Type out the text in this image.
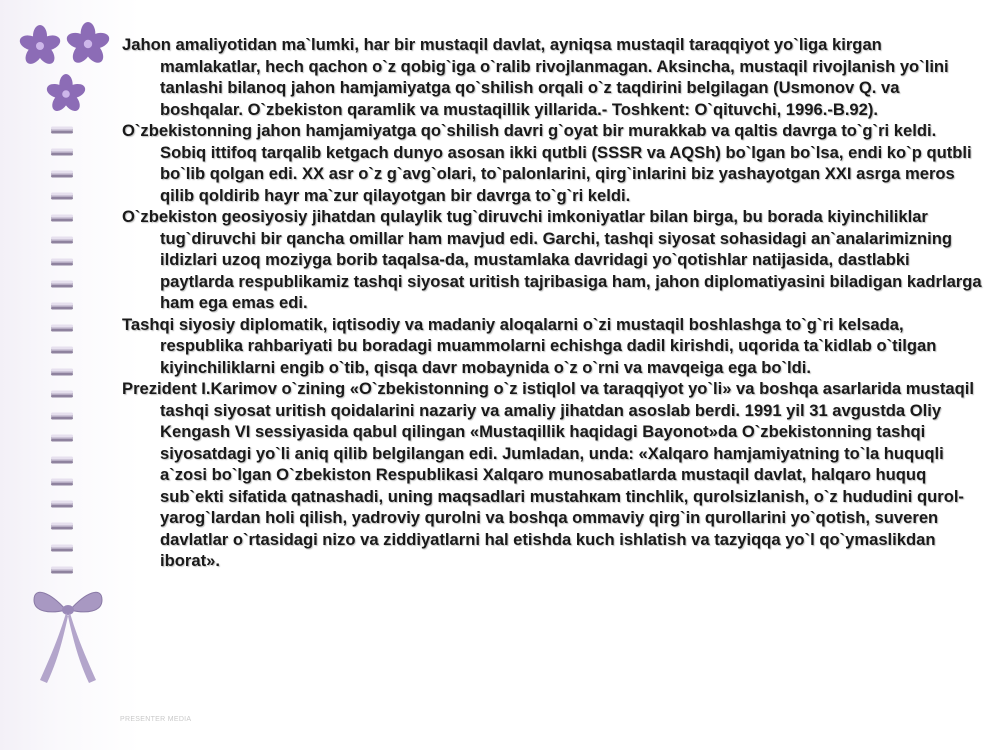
Jahon amaliyotidan ma`lumki, har bir mustaqil davlat, ayniqsa mustaqil taraqqiyot yo`liga kirgan mamlakatlar, hech qachon o`z qobig`iga o`ralib rivojlanmagan. Aksincha, mustaqil rivojlanish yo`lini tanlashi bilanoq jahon hamjamiyatga qo`shilish orqali o`z taqdirini belgilagan (Usmonov Q. va boshqalar. O`zbekiston qaramlik va mustaqillik yillarida.- Toshkent: O`qituvchi, 1996.-B.92).

O`zbekistonning jahon hamjamiyatga qo`shilish davri g`oyat bir murakkab va qaltis davrga to`g`ri keldi. Sobiq ittifoq tarqalib ketgach dunyo asosan ikki qutbli (SSSR va AQSh) bo`lgan bo`lsa, endi ko`p qutbli bo`lib qolgan edi. XX asr o`z g`avg`olari, to`palonlarini, qirg`inlarini biz yashayotgan XXI asrga meros qilib qoldirib hayr ma`zur qilayotgan bir davrga to`g`ri keldi.

O`zbekiston geosiyosiy jihatdan qulaylik tug`diruvchi imkoniyatlar bilan birga, bu borada kiyinchiliklar tug`diruvchi bir qancha omillar ham mavjud edi. Garchi, tashqi siyosat sohasidagi an`analarimizning ildizlari uzoq moziyga borib taqalsa-da, mustamlaka davridagi yo`qotishlar natijasida, dastlabki paytlarda respublikamiz tashqi siyosat uritish tajribasiga ham, jahon diplomatiyasini biladigan kadrlarga ham ega emas edi.

Tashqi siyosiy diplomatik, iqtisodiy va madaniy aloqalarni o`zi mustaqil boshlashga to`g`ri kelsada, respublika rahbariyati bu boradagi muammolarni echishga dadil kirishdi, uqorida ta`kidlab o`tilgan kiyinchiliklarni engib o`tib, qisqa davr mobaynida o`z o`rni va mavqeiga ega bo`ldi.

Prezident I.Karimov o`zining «O`zbekistonning o`z istiqlol va taraqqiyot yo`li» va boshqa asarlarida mustaqil tashqi siyosat uritish qoidalarini nazariy va amaliy jihatdan asoslab berdi. 1991 yil 31 avgustda Oliy Kengash VI sessiyasida qabul qilingan «Mustaqillik haqidagi Bayonot»da O`zbekistonning tashqi siyosatdagi yo`li aniq qilib belgilangan edi. Jumladan, unda: «Xalqaro hamjamiyatning to`la huquqli a`zosi bo`lgan O`zbekiston Respublikasi Xalqaro munosabatlarda mustaqil davlat, halqaro huquq sub`ekti sifatida qatnashadi, uning maqsadlari mustahкam tinchlik, qurolsizlanish, o`z hududini qurol-yarog`lardan holi qilish, yadroviy qurolni va boshqa ommaviy qirg`in qurollarini yo`qotish, suveren davlatlar o`rtasidagi nizo va ziddiyatlarni hal etishda kuch ishlatish va tazyiqqa yo`l qo`ymaslikdan iborat».

PRESENTER MEDIA
